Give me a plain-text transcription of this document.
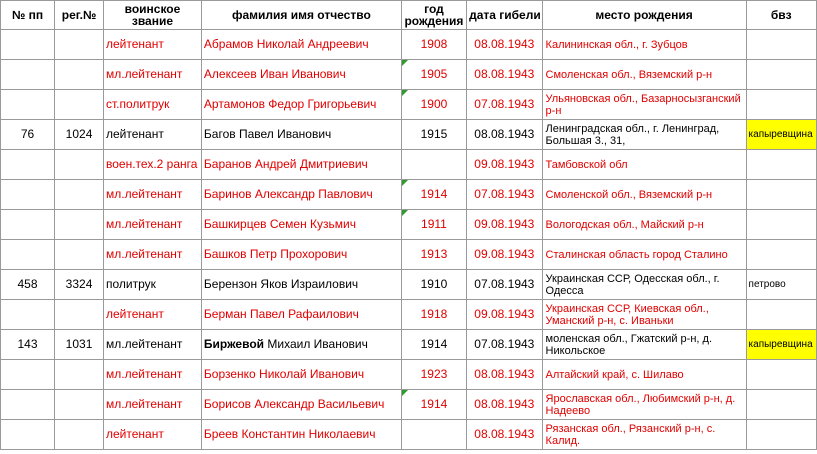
№ пп	рег.№	воинское звание	фамилия имя отчество	год рождения	дата гибели	место рождения	бвз
		лейтенант	Абрамов Николай Андреевич	1908	08.08.1943	Калининская обл., г. Зубцов	
		мл.лейтенант	Алексеев Иван Иванович	1905	08.08.1943	Смоленская обл., Вяземский р-н	
		ст.политрук	Артамонов Федор Григорьевич	1900	07.08.1943	Ульяновская обл., Базарносызганский р-н	
76	1024	лейтенант	Багов Павел Иванович	1915	08.08.1943	Ленинградская обл., г. Ленинград, Большая 3., 31,	капыревщина
		воен.тех.2 ранга	Баранов Андрей Дмитриевич		09.08.1943	Тамбовской обл	
		мл.лейтенант	Баринов Александр Павлович	1914	07.08.1943	Смоленской обл., Вяземский р-н	
		мл.лейтенант	Башкирцев Семен Кузьмич	1911	09.08.1943	Вологодская обл., Майский р-н	
		мл.лейтенант	Башков Петр Прохорович	1913	09.08.1943	Сталинская область город Сталино	
458	3324	политрук	Берензон Яков Израилович	1910	07.08.1943	Украинская ССР, Одесская обл., г. Одесса	петрово
		лейтенант	Берман Павел Рафаилович	1918	09.08.1943	Украинская ССР, Киевская обл., Уманский р-н, с. Иваньки	
143	1031	мл.лейтенант	Биржевой Михаил Иванович	1914	07.08.1943	моленская обл., Гжатский р-н, д. Никольское	капыревщина
		мл.лейтенант	Борзенко Николай Иванович	1923	08.08.1943	Алтайский край, с. Шилаво	
		мл.лейтенант	Борисов Александр Васильевич	1914	08.08.1943	Ярославская обл., Любимский р-н, д. Надеево	
		лейтенант	Бреев Константин Николаевич		08.08.1943	Рязанская обл., Рязанский р-н, с. Калид.	
